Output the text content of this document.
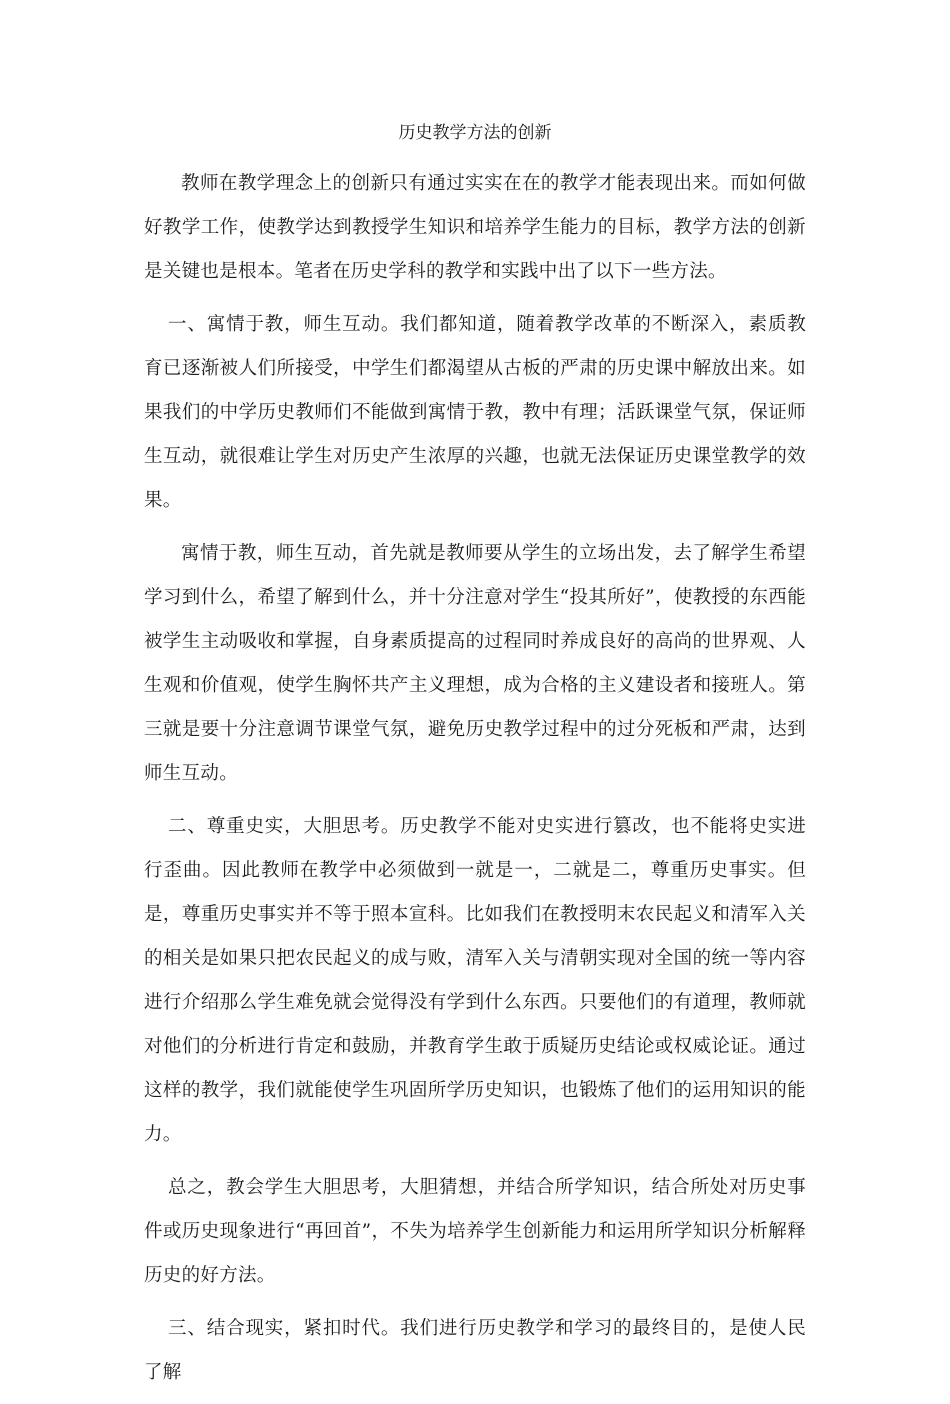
历史教学方法的创新

教师在教学理念上的创新只有通过实实在在的教学才能表现出来。而如何做好教学工作，使教学达到教授学生知识和培养学生能力的目标，教学方法的创新是关键也是根本。笔者在历史学科的教学和实践中出了以下一些方法。

一、寓情于教，师生互动。我们都知道，随着教学改革的不断深入，素质教育已逐渐被人们所接受，中学生们都渴望从古板的严肃的历史课中解放出来。如果我们的中学历史教师们不能做到寓情于教，教中有理；活跃课堂气氛，保证师生互动，就很难让学生对历史产生浓厚的兴趣，也就无法保证历史课堂教学的效果。

寓情于教，师生互动，首先就是教师要从学生的立场出发，去了解学生希望学习到什么，希望了解到什么，并十分注意对学生“投其所好”，使教授的东西能被学生主动吸收和掌握，自身素质提高的过程同时养成良好的高尚的世界观、人生观和价值观，使学生胸怀共产主义理想，成为合格的主义建设者和接班人。第三就是要十分注意调节课堂气氛，避免历史教学过程中的过分死板和严肃，达到师生互动。

二、尊重史实，大胆思考。历史教学不能对史实进行篡改，也不能将史实进行歪曲。因此教师在教学中必须做到一就是一，二就是二，尊重历史事实。但是，尊重历史事实并不等于照本宣科。比如我们在教授明末农民起义和清军入关的相关是如果只把农民起义的成与败，清军入关与清朝实现对全国的统一等内容进行介绍那么学生难免就会觉得没有学到什么东西。只要他们的有道理，教师就对他们的分析进行肯定和鼓励，并教育学生敢于质疑历史结论或权威论证。通过这样的教学，我们就能使学生巩固所学历史知识，也锻炼了他们的运用知识的能力。

总之，教会学生大胆思考，大胆猜想，并结合所学知识，结合所处对历史事件或历史现象进行“再回首”，不失为培养学生创新能力和运用所学知识分析解释历史的好方法。

三、结合现实，紧扣时代。我们进行历史教学和学习的最终目的，是使人民了解
